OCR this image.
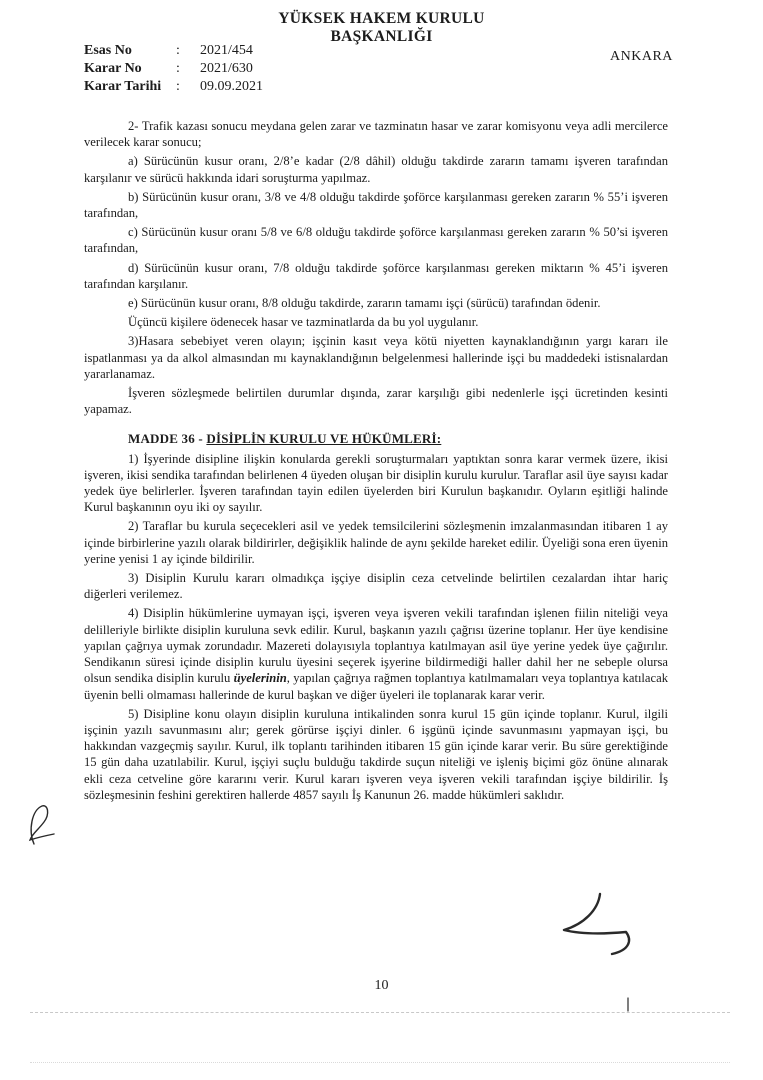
YÜKSEK HAKEM KURULU
BAŞKANLIĞI
ANKARA
Esas No	:	2021/454
Karar No	:	2021/630
Karar Tarihi	:	09.09.2021

2- Trafik kazası sonucu meydana gelen zarar ve tazminatın hasar ve zarar komisyonu veya adli mercilerce verilecek karar sonucu;

a) Sürücünün kusur oranı, 2/8’e kadar (2/8 dâhil) olduğu takdirde zararın tamamı işveren tarafından karşılanır ve sürücü hakkında idari soruşturma yapılmaz.

b) Sürücünün kusur oranı, 3/8 ve 4/8 olduğu takdirde şoförce karşılanması gereken zararın % 55’i işveren tarafından,

c) Sürücünün kusur oranı 5/8 ve 6/8 olduğu takdirde şoförce karşılanması gereken zararın % 50’si işveren tarafından,

d) Sürücünün kusur oranı, 7/8 olduğu takdirde şoförce karşılanması gereken miktarın % 45’i işveren tarafından karşılanır.

e) Sürücünün kusur oranı, 8/8 olduğu takdirde, zararın tamamı işçi (sürücü) tarafından ödenir.

Üçüncü kişilere ödenecek hasar ve tazminatlarda da bu yol uygulanır.

3)Hasara sebebiyet veren olayın; işçinin kasıt veya kötü niyetten kaynaklandığının yargı kararı ile ispatlanması ya da alkol almasından mı kaynaklandığının belgelenmesi hallerinde işçi bu maddedeki istisnalardan yararlanamaz.

İşveren sözleşmede belirtilen durumlar dışında, zarar karşılığı gibi nedenlerle işçi ücretinden kesinti yapamaz.

MADDE 36 - DİSİPLİN KURULU VE HÜKÜMLERİ:

1) İşyerinde disipline ilişkin konularda gerekli soruşturmaları yaptıktan sonra karar vermek üzere, ikisi işveren, ikisi sendika tarafından belirlenen 4 üyeden oluşan bir disiplin kurulu kurulur. Taraflar asil üye sayısı kadar yedek üye belirlerler. İşveren tarafından tayin edilen üyelerden biri Kurulun başkanıdır. Oyların eşitliği halinde Kurul başkanının oyu iki oy sayılır.

2) Taraflar bu kurula seçecekleri asil ve yedek temsilcilerini sözleşmenin imzalanmasından itibaren 1 ay içinde birbirlerine yazılı olarak bildirirler, değişiklik halinde de aynı şekilde hareket edilir. Üyeliği sona eren üyenin yerine yenisi 1 ay içinde bildirilir.

3) Disiplin Kurulu kararı olmadıkça işçiye disiplin ceza cetvelinde belirtilen cezalardan ihtar hariç diğerleri verilemez.

4) Disiplin hükümlerine uymayan işçi, işveren veya işveren vekili tarafından işlenen fiilin niteliği veya delilleriyle birlikte disiplin kuruluna sevk edilir. Kurul, başkanın yazılı çağrısı üzerine toplanır. Her üye kendisine yapılan çağrıya uymak zorundadır. Mazereti dolayısıyla toplantıya katılmayan asil üye yerine yedek üye çağırılır. Sendikanın süresi içinde disiplin kurulu üyesini seçerek işyerine bildirmediği haller dahil her ne sebeple olursa olsun sendika disiplin kurulu üyelerinin, yapılan çağrıya rağmen toplantıya katılmamaları veya toplantıya katılacak üyenin belli olmaması hallerinde de kurul başkan ve diğer üyeleri ile toplanarak karar verir.

5) Disipline konu olayın disiplin kuruluna intikalinden sonra kurul 15 gün içinde toplanır. Kurul, ilgili işçinin yazılı savunmasını alır; gerek görürse işçiyi dinler. 6 işgünü içinde savunmasını yapmayan işçi, bu hakkından vazgeçmiş sayılır. Kurul, ilk toplantı tarihinden itibaren 15 gün içinde karar verir. Bu süre gerektiğinde 15 gün daha uzatılabilir. Kurul, işçiyi suçlu bulduğu takdirde suçun niteliği ve işleniş biçimi göz önüne alınarak ekli ceza cetveline göre kararını verir. Kurul kararı işveren veya işveren vekili tarafından işçiye bildirilir. İş sözleşmesinin feshini gerektiren hallerde 4857 sayılı İş Kanunun 26. madde hükümleri saklıdır.

10
